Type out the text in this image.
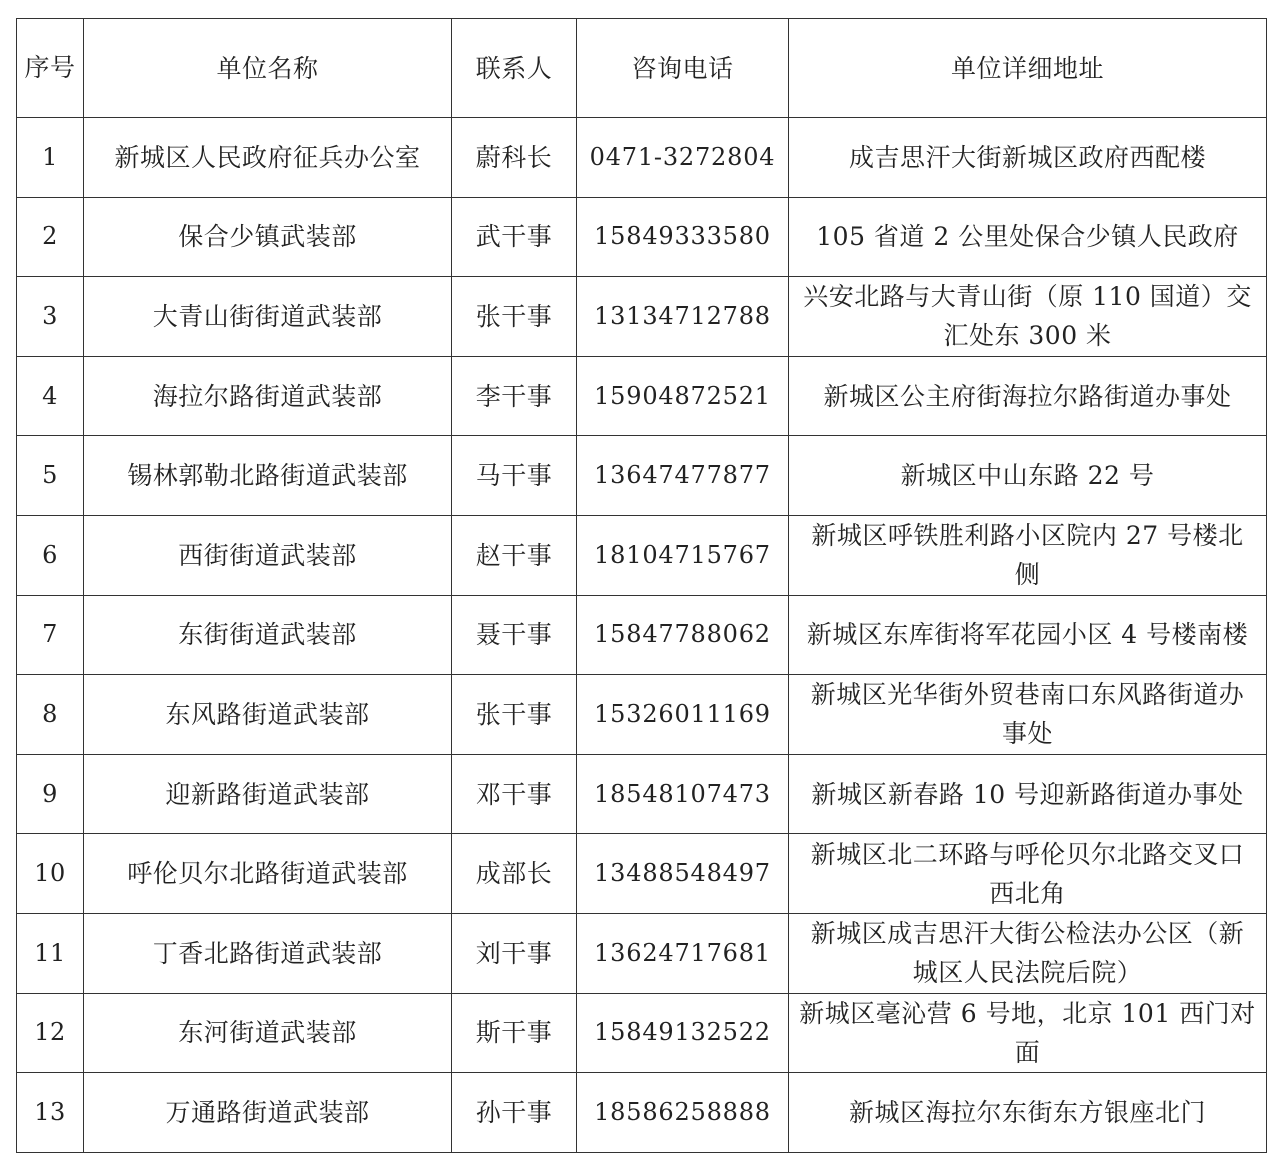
序号	单位名称	联系人	咨询电话	单位详细地址
1	新城区人民政府征兵办公室	蔚科长	0471-3272804	成吉思汗大街新城区政府西配楼
2	保合少镇武装部	武干事	15849333580	105 省道 2 公里处保合少镇人民政府
3	大青山街街道武装部	张干事	13134712788	兴安北路与大青山街（原 110 国道）交汇处东 300 米
4	海拉尔路街道武装部	李干事	15904872521	新城区公主府街海拉尔路街道办事处
5	锡林郭勒北路街道武装部	马干事	13647477877	新城区中山东路 22 号
6	西街街道武装部	赵干事	18104715767	新城区呼铁胜利路小区院内 27 号楼北侧
7	东街街道武装部	聂干事	15847788062	新城区东库街将军花园小区 4 号楼南楼
8	东风路街道武装部	张干事	15326011169	新城区光华街外贸巷南口东风路街道办事处
9	迎新路街道武装部	邓干事	18548107473	新城区新春路 10 号迎新路街道办事处
10	呼伦贝尔北路街道武装部	成部长	13488548497	新城区北二环路与呼伦贝尔北路交叉口西北角
11	丁香北路街道武装部	刘干事	13624717681	新城区成吉思汗大街公检法办公区（新城区人民法院后院）
12	东河街道武装部	斯干事	15849132522	新城区毫沁营 6 号地，北京 101 西门对面
13	万通路街道武装部	孙干事	18586258888	新城区海拉尔东街东方银座北门
